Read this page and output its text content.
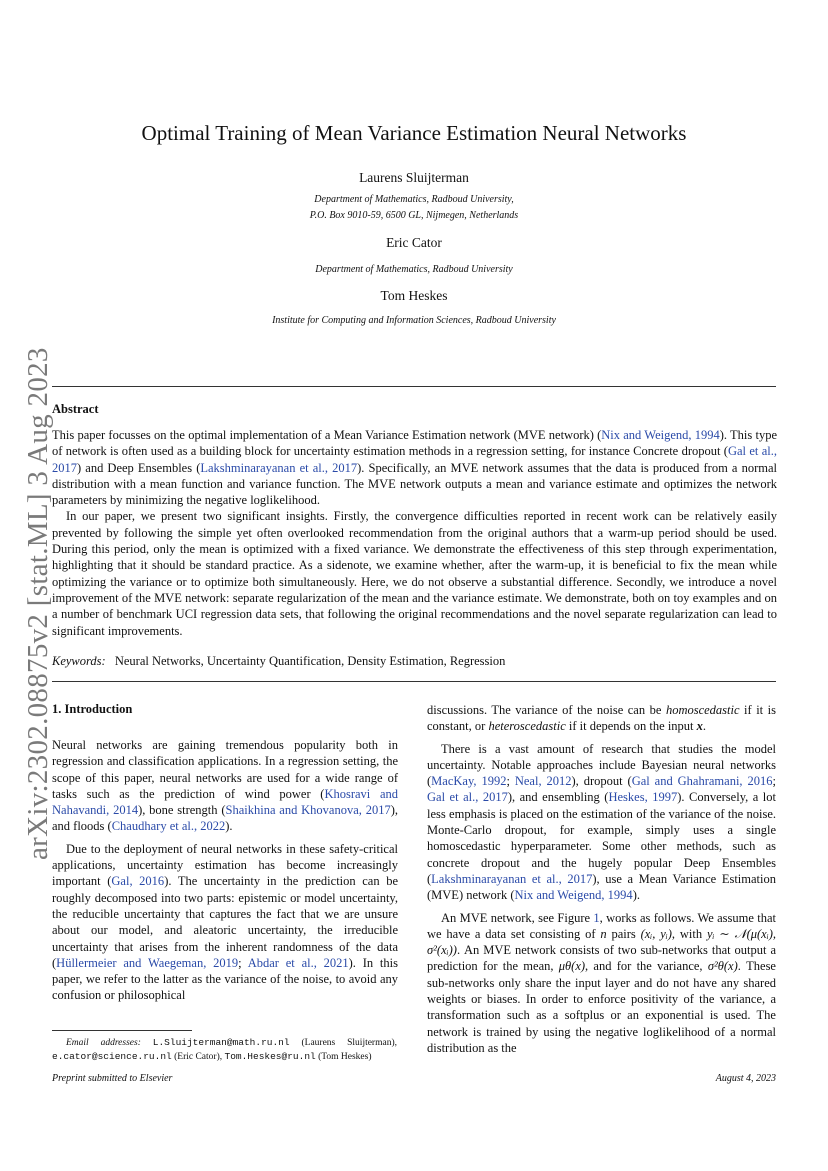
arXiv:2302.08875v2 [stat.ML] 3 Aug 2023
Optimal Training of Mean Variance Estimation Neural Networks
Laurens Sluijterman
Department of Mathematics, Radboud University,
P.O. Box 9010-59, 6500 GL, Nijmegen, Netherlands
Eric Cator
Department of Mathematics, Radboud University
Tom Heskes
Institute for Computing and Information Sciences, Radboud University
Abstract

This paper focusses on the optimal implementation of a Mean Variance Estimation network (MVE network) (Nix and Weigend, 1994). This type of network is often used as a building block for uncertainty estimation methods in a regression setting, for instance Concrete dropout (Gal et al., 2017) and Deep Ensembles (Lakshminarayanan et al., 2017). Specifically, an MVE network assumes that the data is produced from a normal distribution with a mean function and variance function. The MVE network outputs a mean and variance estimate and optimizes the network parameters by minimizing the negative loglikelihood.

In our paper, we present two significant insights. Firstly, the convergence difficulties reported in recent work can be relatively easily prevented by following the simple yet often overlooked recommendation from the original authors that a warm-up period should be used. During this period, only the mean is optimized with a fixed variance. We demonstrate the effectiveness of this step through experimentation, highlighting that it should be standard practice. As a sidenote, we examine whether, after the warm-up, it is beneficial to fix the mean while optimizing the variance or to optimize both simultaneously. Here, we do not observe a substantial difference. Secondly, we introduce a novel improvement of the MVE network: separate regularization of the mean and the variance estimate. We demonstrate, both on toy examples and on a number of benchmark UCI regression data sets, that following the original recommendations and the novel separate regularization can lead to significant improvements.

Keywords: Neural Networks, Uncertainty Quantification, Density Estimation, Regression
1. Introduction

Neural networks are gaining tremendous popularity both in regression and classification applications. In a regression setting, the scope of this paper, neural networks are used for a wide range of tasks such as the prediction of wind power (Khosravi and Nahavandi, 2014), bone strength (Shaikhina and Khovanova, 2017), and floods (Chaudhary et al., 2022).

Due to the deployment of neural networks in these safety-critical applications, uncertainty estimation has become increasingly important (Gal, 2016). The uncertainty in the prediction can be roughly decomposed into two parts: epistemic or model uncertainty, the reducible uncertainty that captures the fact that we are unsure about our model, and aleatoric uncertainty, the irreducible uncertainty that arises from the inherent randomness of the data (Hüllermeier and Waegeman, 2019; Abdar et al., 2021). In this paper, we refer to the latter as the variance of the noise, to avoid any confusion or philosophical

discussions. The variance of the noise can be homoscedastic if it is constant, or heteroscedastic if it depends on the input x.

There is a vast amount of research that studies the model uncertainty. Notable approaches include Bayesian neural networks (MacKay, 1992; Neal, 2012), dropout (Gal and Ghahramani, 2016; Gal et al., 2017), and ensembling (Heskes, 1997). Conversely, a lot less emphasis is placed on the estimation of the variance of the noise. Monte-Carlo dropout, for example, simply uses a single homoscedastic hyperparameter. Some other methods, such as concrete dropout and the hugely popular Deep Ensembles (Lakshminarayanan et al., 2017), use a Mean Variance Estimation (MVE) network (Nix and Weigend, 1994).

An MVE network, see Figure 1, works as follows. We assume that we have a data set consisting of n pairs (xᵢ, yᵢ), with yᵢ ∼ 𝒩(μ(xᵢ), σ²(xᵢ)). An MVE network consists of two sub-networks that output a prediction for the mean, μθ(x), and for the variance, σ²θ(x). These sub-networks only share the input layer and do not have any shared weights or biases. In order to enforce positivity of the variance, a transformation such as a softplus or an exponential is used. The network is trained by using the negative loglikelihood of a normal distribution as the

Email addresses: L.Sluijterman@math.ru.nl (Laurens Sluijterman), e.cator@science.ru.nl (Eric Cator), Tom.Heskes@ru.nl (Tom Heskes)
Preprint submitted to Elsevier	August 4, 2023
